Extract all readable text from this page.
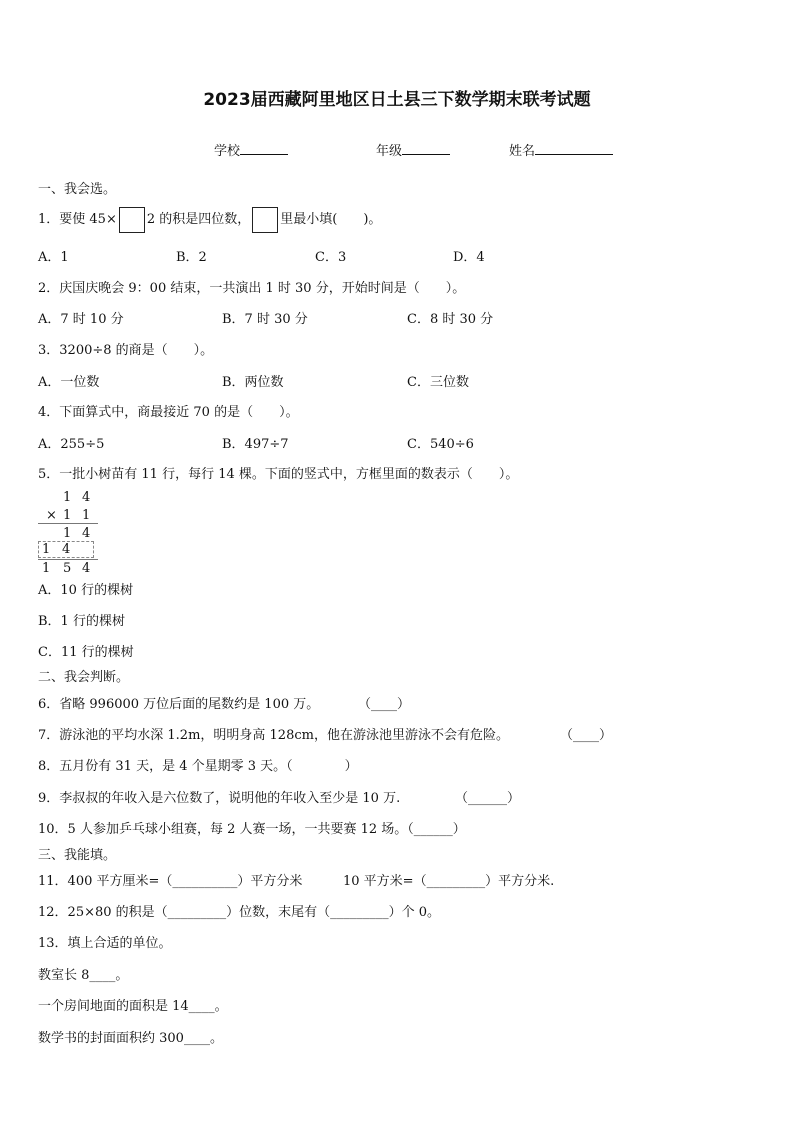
2023届西藏阿里地区日土县三下数学期末联考试题
学校	年级	姓名
一、我会选。
1．要使 45× 2 的积是四位数， 里最小填(　　)。
A．1	B．2	C．3	D．4
2．庆国庆晚会 9：00 结束，一共演出 1 时 30 分，开始时间是（　　）。
A．7 时 10 分	B．7 时 30 分	C．8 时 30 分
3．3200÷8 的商是（　　）。
A．一位数	B．两位数	C．三位数
4．下面算式中，商最接近 70 的是（　　）。
A．255÷5	B．497÷7	C．540÷6
5．一批小树苗有 11 行，每行 14 棵。下面的竖式中，方框里面的数表示（　　）。
1 4
× 1 1
1 4
1 4
1 5 4
A．10 行的棵树
B．1 行的棵树
C．11 行的棵树
二、我会判断。
6．省略 996000 万位后面的尾数约是 100 万。	（____）
7．游泳池的平均水深 1.2m，明明身高 128cm，他在游泳池里游泳不会有危险。	（____）
8．五月份有 31 天，是 4 个星期零 3 天。（　　　　）
9．李叔叔的年收入是六位数了，说明他的年收入至少是 10 万.	（______）
10．5 人参加乒乓球小组赛，每 2 人赛一场，一共要赛 12 场。（______）
三、我能填。
11．400 平方厘米=（__________）平方分米	10 平方米=（_________）平方分米.
12．25×80 的积是（_________）位数，末尾有（_________）个 0。
13．填上合适的单位。
教室长 8____。
一个房间地面的面积是 14____。
数学书的封面面积约 300____。
